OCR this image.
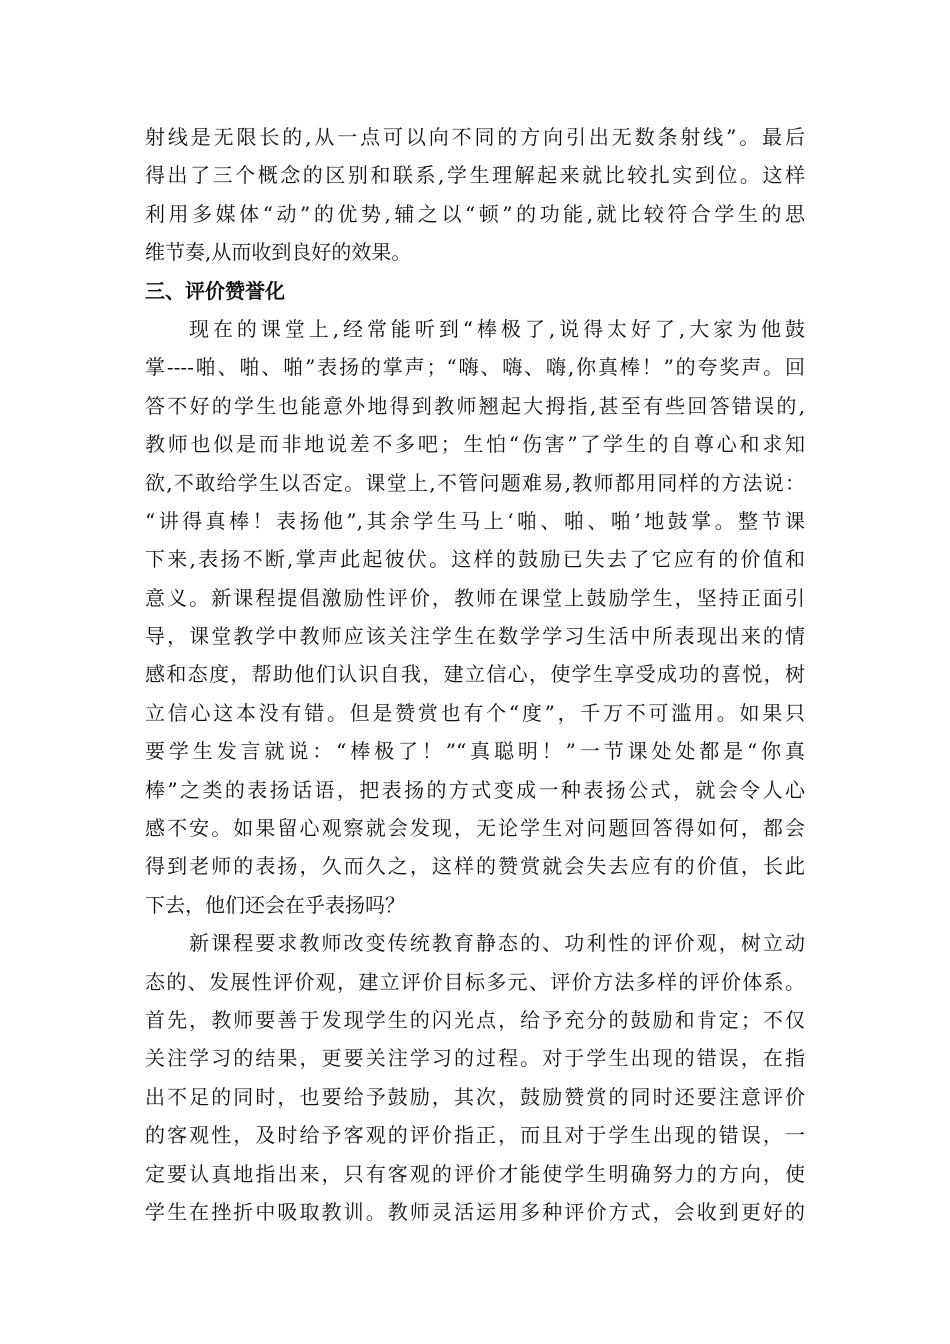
射线是无限长的,从一点可以向不同的方向引出无数条射线”。最后
得出了三个概念的区别和联系,学生理解起来就比较扎实到位。这样
利用多媒体“动”的优势,辅之以“顿”的功能,就比较符合学生的思
维节奏,从而收到良好的效果。
三、评价赞誉化
现在的课堂上,经常能听到“棒极了,说得太好了,大家为他鼓
掌----啪、啪、啪”表扬的掌声；“嗨、嗨、嗨,你真棒！”的夸奖声。回
答不好的学生也能意外地得到教师翘起大拇指,甚至有些回答错误的,
教师也似是而非地说差不多吧；生怕“伤害”了学生的自尊心和求知
欲,不敢给学生以否定。课堂上,不管问题难易,教师都用同样的方法说：
“讲得真棒！表扬他”,其余学生马上‘啪、啪、啪’地鼓掌。整节课
下来,表扬不断,掌声此起彼伏。这样的鼓励已失去了它应有的价值和
意义。新课程提倡激励性评价，教师在课堂上鼓励学生，坚持正面引
导，课堂教学中教师应该关注学生在数学学习生活中所表现出来的情
感和态度，帮助他们认识自我，建立信心，使学生享受成功的喜悦，树
立信心这本没有错。但是赞赏也有个“度”，千万不可滥用。如果只
要学生发言就说：“棒极了！”“真聪明！”一节课处处都是“你真
棒”之类的表扬话语，把表扬的方式变成一种表扬公式，就会令人心
感不安。如果留心观察就会发现，无论学生对问题回答得如何，都会
得到老师的表扬，久而久之，这样的赞赏就会失去应有的价值，长此
下去，他们还会在乎表扬吗？
新课程要求教师改变传统教育静态的、功利性的评价观，树立动
态的、发展性评价观，建立评价目标多元、评价方法多样的评价体系。
首先，教师要善于发现学生的闪光点，给予充分的鼓励和肯定；不仅
关注学习的结果，更要关注学习的过程。对于学生出现的错误，在指
出不足的同时，也要给予鼓励，其次，鼓励赞赏的同时还要注意评价
的客观性，及时给予客观的评价指正，而且对于学生出现的错误，一
定要认真地指出来，只有客观的评价才能使学生明确努力的方向，使
学生在挫折中吸取教训。教师灵活运用多种评价方式，会收到更好的
